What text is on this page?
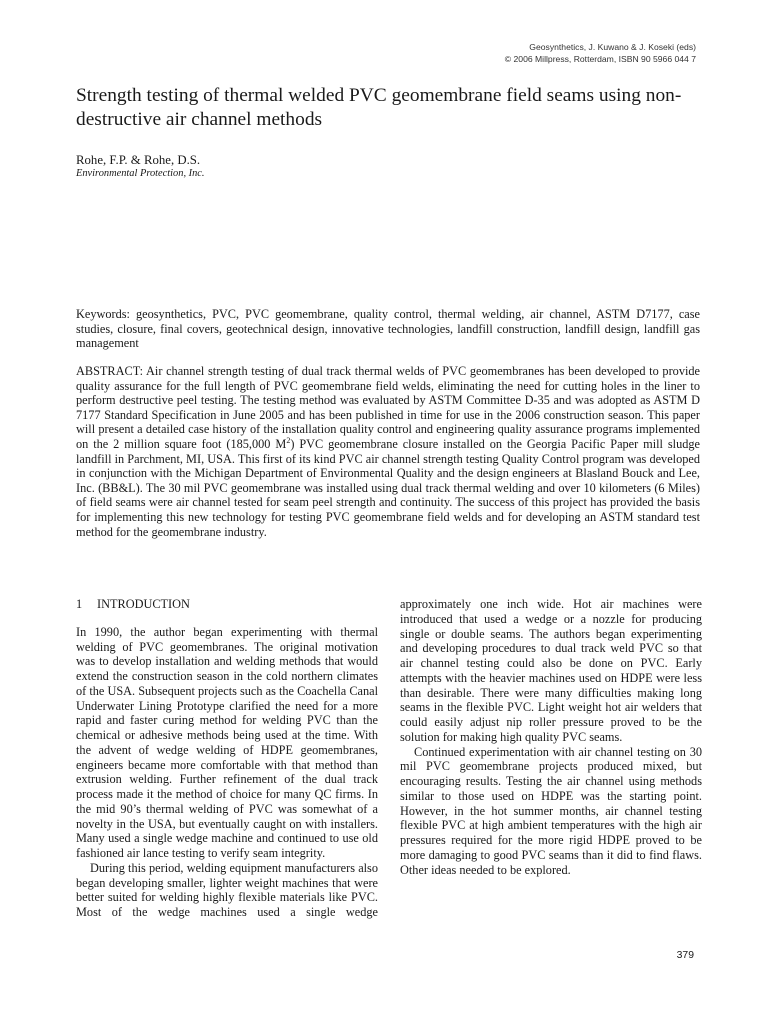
Geosynthetics, J. Kuwano & J. Koseki (eds)
© 2006 Millpress, Rotterdam, ISBN 90 5966 044 7
Strength testing of thermal welded PVC geomembrane field seams using non-destructive air channel methods
Rohe, F.P. & Rohe, D.S.
Environmental Protection, Inc.

Keywords: geosynthetics, PVC, PVC geomembrane, quality control, thermal welding, air channel, ASTM D7177, case studies, closure, final covers, geotechnical design, innovative technologies, landfill construction, landfill design, landfill gas management

ABSTRACT: Air channel strength testing of dual track thermal welds of PVC geomembranes has been developed to provide quality assurance for the full length of PVC geomembrane field welds, eliminating the need for cutting holes in the liner to perform destructive peel testing. The testing method was evaluated by ASTM Committee D-35 and was adopted as ASTM D 7177 Standard Specification in June 2005 and has been published in time for use in the 2006 construction season. This paper will present a detailed case history of the installation quality control and engineering quality assurance programs implemented on the 2 million square foot (185,000 $M^2$) PVC geomembrane closure installed on the Georgia Pacific Paper mill sludge landfill in Parchment, MI, USA. This first of its kind PVC air channel strength testing Quality Control program was developed in conjunction with the Michigan Department of Environmental Quality and the design engineers at Blasland Bouck and Lee, Inc. (BB&L). The 30 mil PVC geomembrane was installed using dual track thermal welding and over 10 kilometers (6 Miles) of field seams were air channel tested for seam peel strength and continuity. The success of this project has provided the basis for implementing this new technology for testing PVC geomembrane field welds and for developing an ASTM standard test method for the geomembrane industry.

1 INTRODUCTION

In 1990, the author began experimenting with thermal welding of PVC geomembranes. The original motivation was to develop installation and welding methods that would extend the construction season in the cold northern climates of the USA. Subsequent projects such as the Coachella Canal Underwater Lining Prototype clarified the need for a more rapid and faster curing method for welding PVC than the chemical or adhesive methods being used at the time. With the advent of wedge welding of HDPE geomembranes, engineers became more comfortable with that method than extrusion welding. Further refinement of the dual track process made it the method of choice for many QC firms. In the mid 90’s thermal welding of PVC was somewhat of a novelty in the USA, but eventually caught on with installers. Many used a single wedge machine and continued to use old fashioned air lance testing to verify seam integrity.

During this period, welding equipment manufacturers also began developing smaller, lighter weight machines that were better suited for welding highly flexible materials like PVC. Most of the wedge machines used a single wedge

approximately one inch wide. Hot air machines were introduced that used a wedge or a nozzle for producing single or double seams. The authors began experimenting and developing procedures to dual track weld PVC so that air channel testing could also be done on PVC. Early attempts with the heavier machines used on HDPE were less than desirable. There were many difficulties making long seams in the flexible PVC. Light weight hot air welders that could easily adjust nip roller pressure proved to be the solution for making high quality PVC seams.

Continued experimentation with air channel testing on 30 mil PVC geomembrane projects produced mixed, but encouraging results. Testing the air channel using methods similar to those used on HDPE was the starting point. However, in the hot summer months, air channel testing flexible PVC at high ambient temperatures with the high air pressures required for the more rigid HDPE proved to be more damaging to good PVC seams than it did to find flaws. Other ideas needed to be explored.

379
